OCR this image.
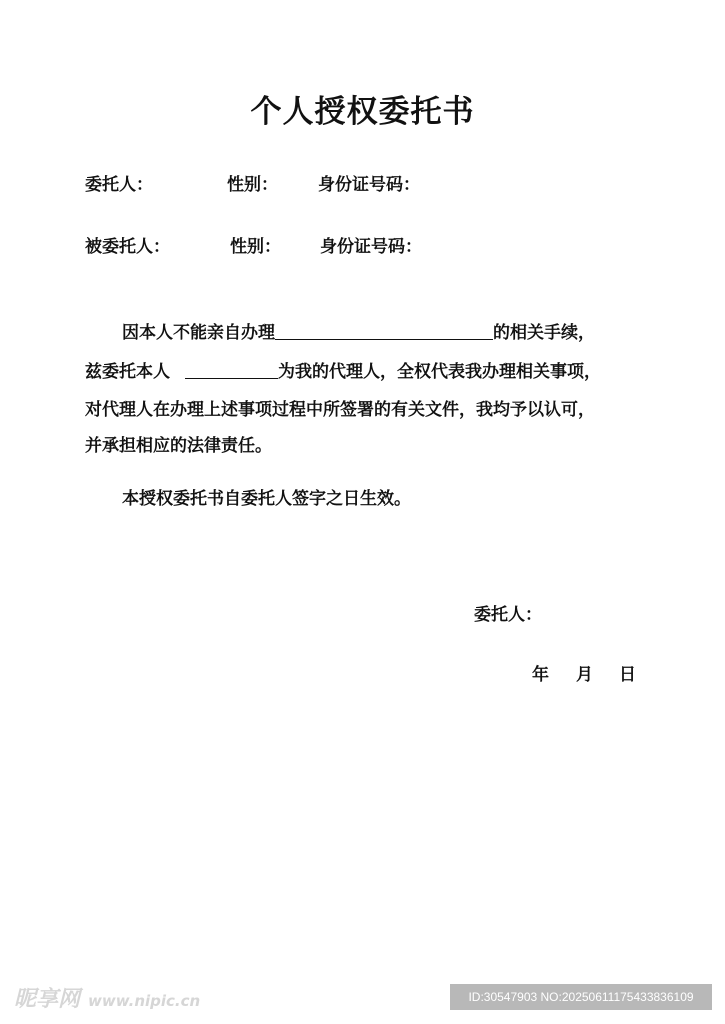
个人授权委托书
委托人：	性别： 身份证号码：
被委托人：	性别： 身份证号码：
因本人不能亲自办理	的相关手续，
兹委托本人	为我的代理人，全权代表我办理相关事项，
对代理人在办理上述事项过程中所签署的有关文件，我均予以认可，
并承担相应的法律责任。
本授权委托书自委托人签字之日生效。
委托人：
年 月 日
昵享网 www.nipic.cn	ID:30547903 NO:20250611175433836109
